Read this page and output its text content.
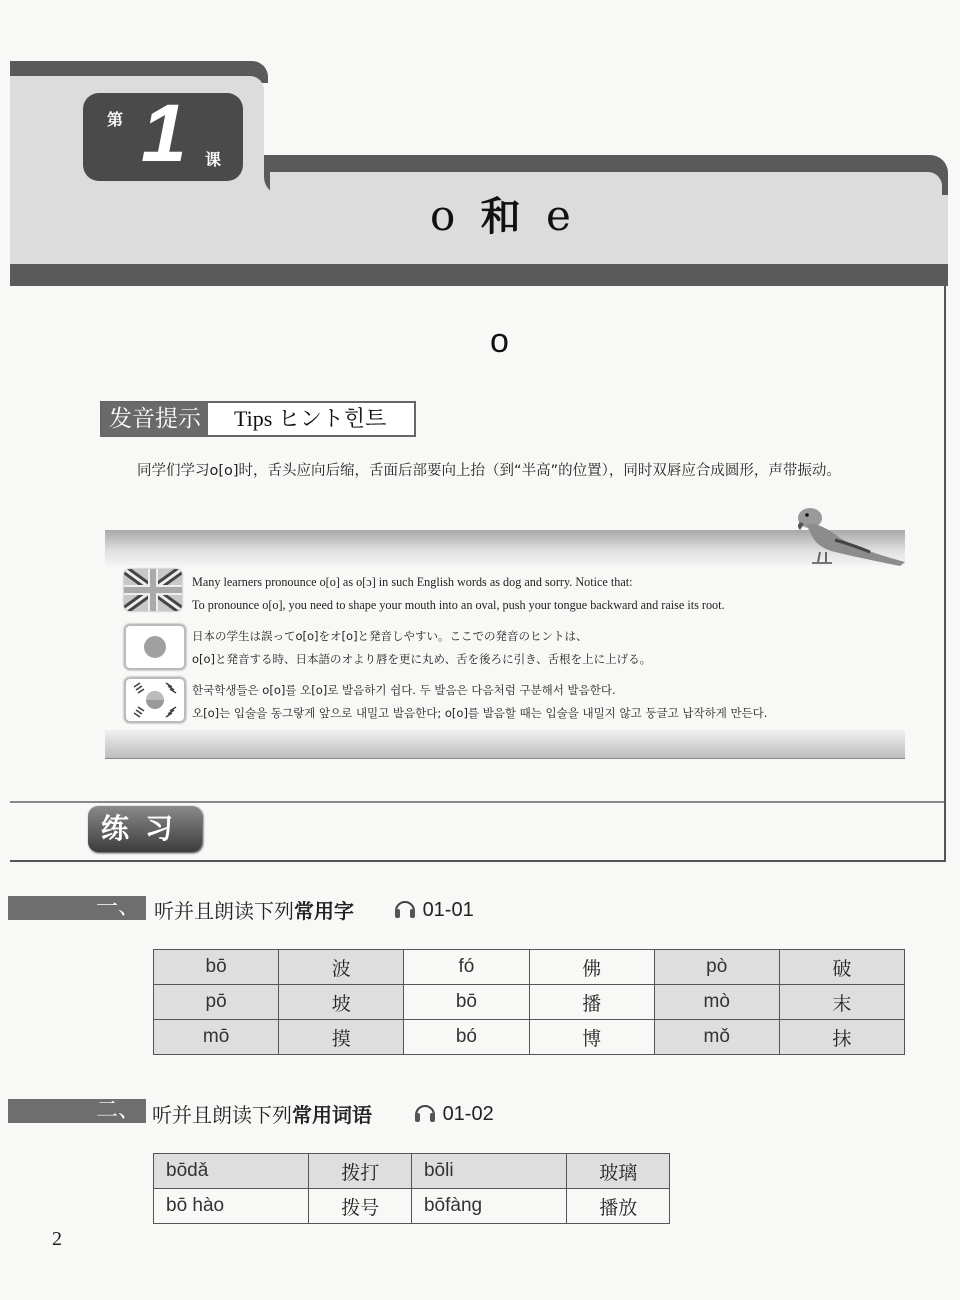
第 1 课
o 和 e
o
发音提示	Tips ヒント힌트
同学们学习o[o]时，舌头应向后缩，舌面后部要向上抬（到“半高”的位置），同时双唇应合成圆形，声带振动。
Many learners pronounce o[o] as o[ɔ] in such English words as dog and sorry. Notice that:
To pronounce o[o], you need to shape your mouth into an oval, push your tongue backward and raise its root.
日本の学生は誤ってo[o]をオ[o]と発音しやすい。ここでの発音のヒントは、
o[o]と発音する時、日本語のオより唇を更に丸め、舌を後ろに引き、舌根を上に上げる。
한국학생들은 o[o]를 오[o]로 발음하기 쉽다. 두 발음은 다음처럼 구분해서 발음한다.
오[o]는 입술을 동그랗게 앞으로 내밀고 발음한다; o[o]를 발음할 때는 입술을 내밀지 않고 둥글고 납작하게 만든다.
练习
一、 听并且朗读下列常用字	01-01
bō	波	fó	佛	pò	破
pō	坡	bō	播	mò	末
mō	摸	bó	博	mǒ	抹
二、 听并且朗读下列常用词语	01-02
bōdǎ	拨打	bōli	玻璃
bō hào	拨号	bōfàng	播放
2
